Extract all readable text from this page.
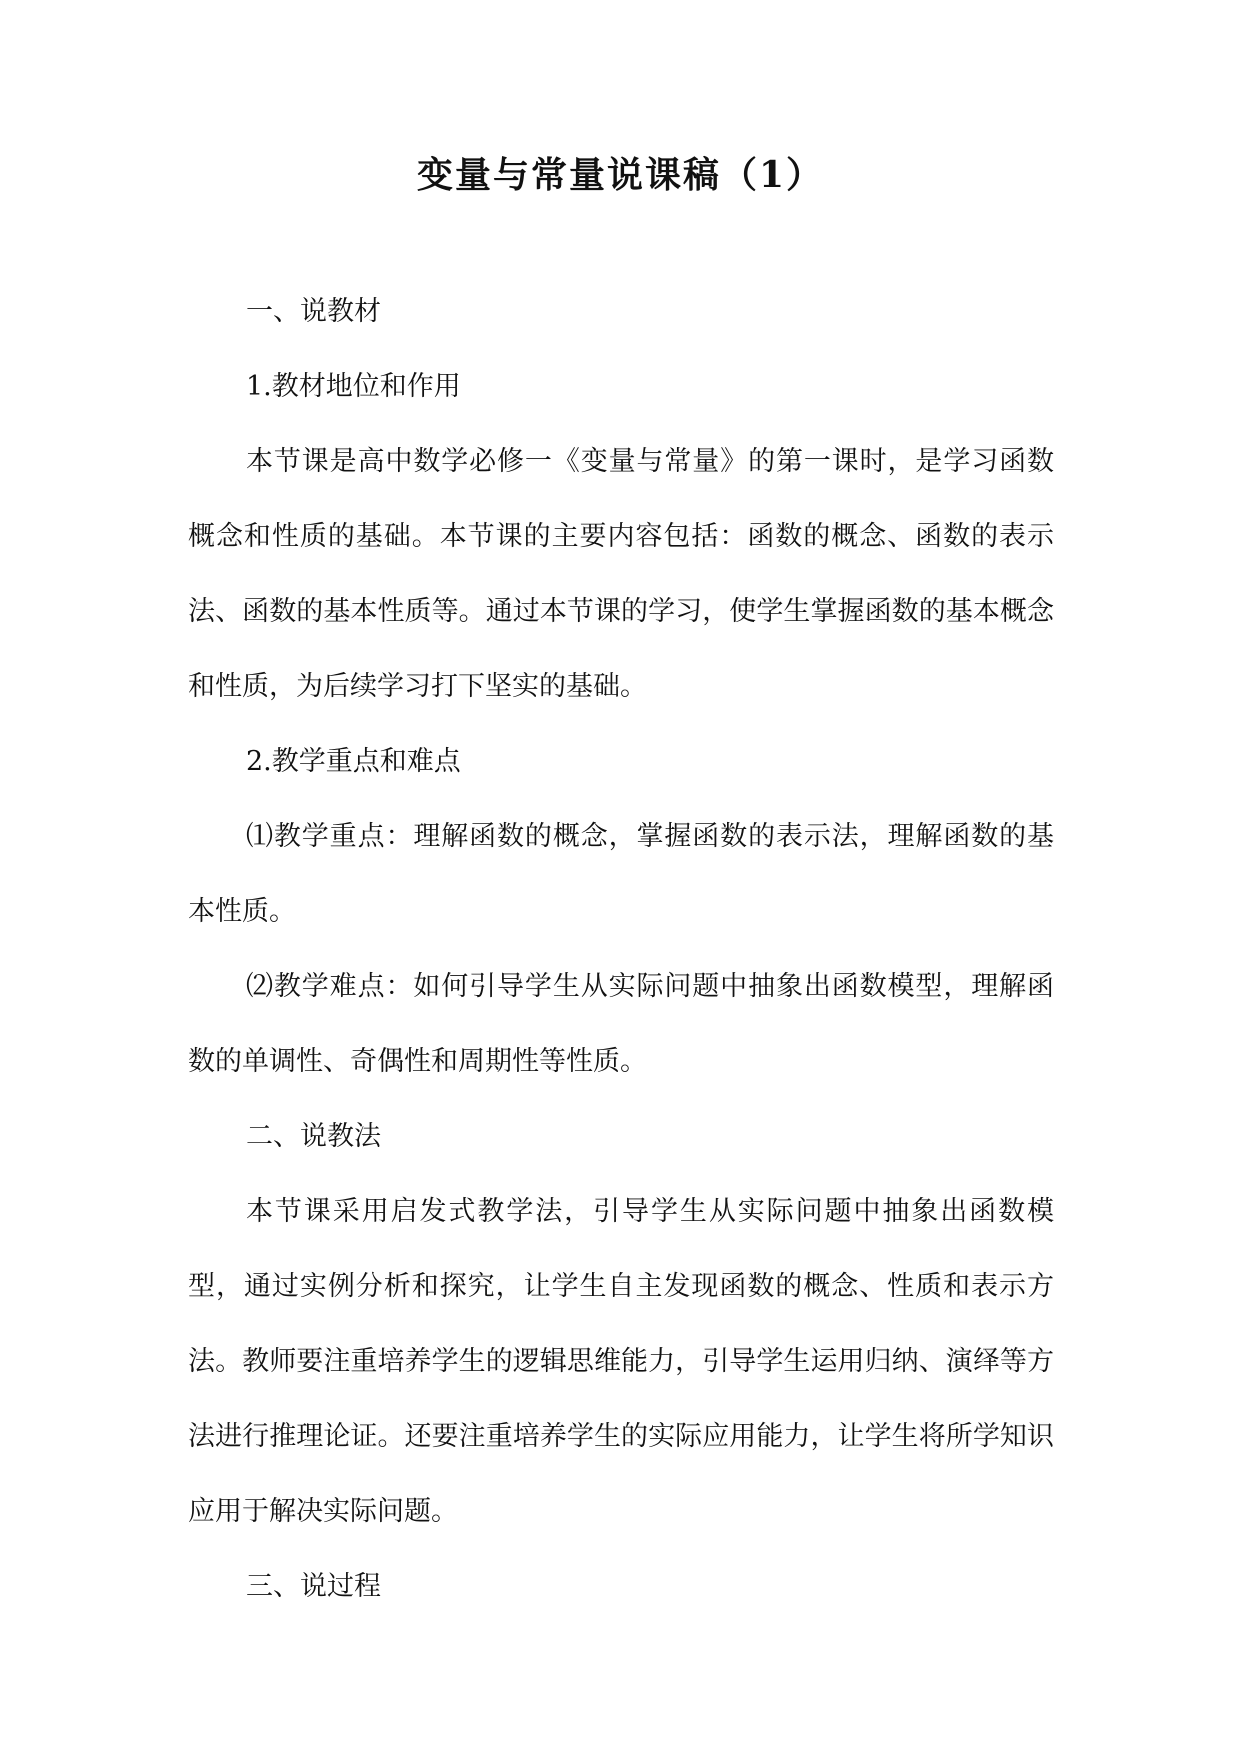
变量与常量说课稿（1）

一、说教材

1.教材地位和作用

本节课是高中数学必修一《变量与常量》的第一课时，是学习函数概念和性质的基础。本节课的主要内容包括：函数的概念、函数的表示法、函数的基本性质等。通过本节课的学习，使学生掌握函数的基本概念和性质，为后续学习打下坚实的基础。

2.教学重点和难点

⑴教学重点：理解函数的概念，掌握函数的表示法，理解函数的基本性质。

⑵教学难点：如何引导学生从实际问题中抽象出函数模型，理解函数的单调性、奇偶性和周期性等性质。

二、说教法

本节课采用启发式教学法，引导学生从实际问题中抽象出函数模型，通过实例分析和探究，让学生自主发现函数的概念、性质和表示方法。教师要注重培养学生的逻辑思维能力，引导学生运用归纳、演绎等方法进行推理论证。还要注重培养学生的实际应用能力，让学生将所学知识应用于解决实际问题。

三、说过程
